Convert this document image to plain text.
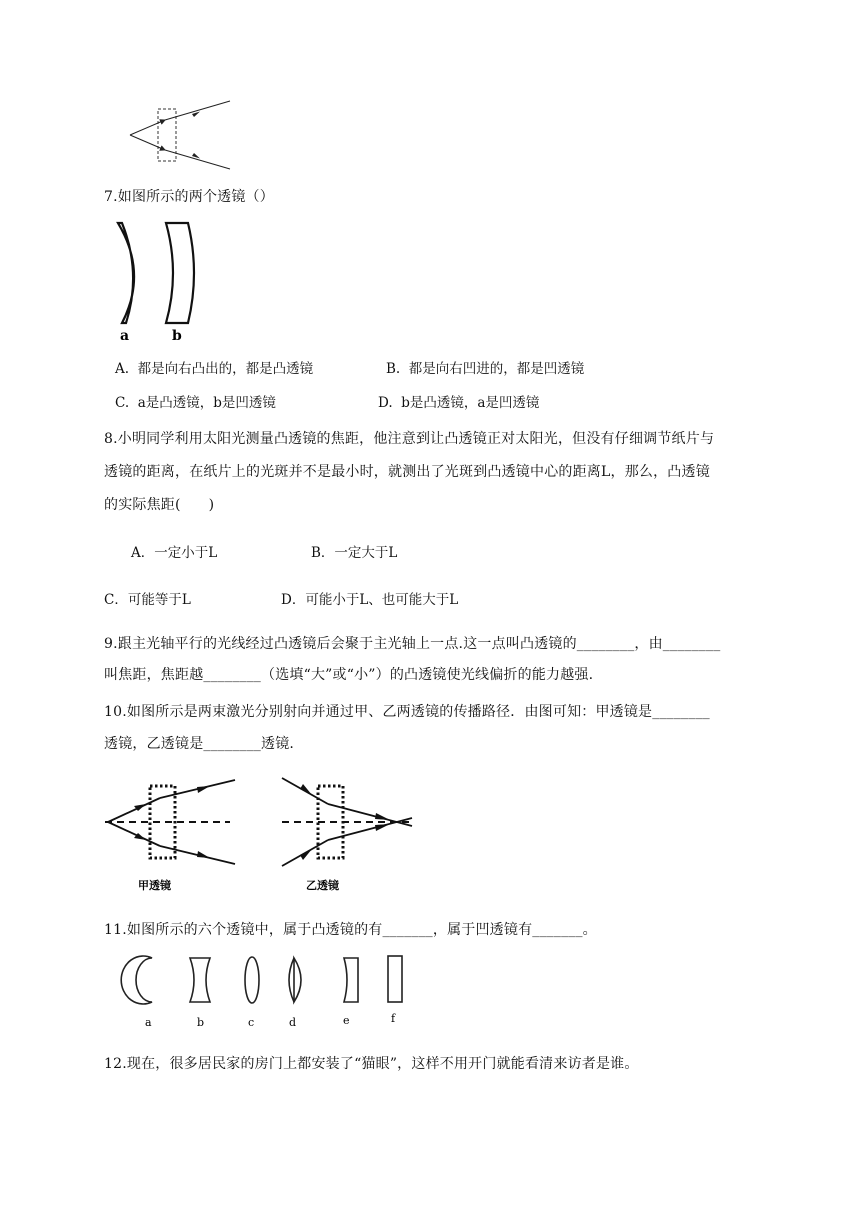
7.如图所示的两个透镜（）
a	b
A.  都是向右凸出的，都是凸透镜	B.  都是向右凹进的，都是凹透镜
C.  a是凸透镜，b是凹透镜	D.  b是凸透镜，a是凹透镜
8.小明同学利用太阳光测量凸透镜的焦距，他注意到让凸透镜正对太阳光，但没有仔细调节纸片与
透镜的距离，在纸片上的光斑并不是最小时，就测出了光斑到凸透镜中心的距离L，那么，凸透镜
的实际焦距(      )
A．一定小于L	B．一定大于L
C．可能等于L	D．可能小于L、也可能大于L
9.跟主光轴平行的光线经过凸透镜后会聚于主光轴上一点.这一点叫凸透镜的________，由________
叫焦距，焦距越________（选填“大”或“小”）的凸透镜使光线偏折的能力越强.
10.如图所示是两束激光分别射向并通过甲、乙两透镜的传播路径．由图可知：甲透镜是________
透镜，乙透镜是________透镜.
甲透镜	乙透镜
11.如图所示的六个透镜中，属于凸透镜的有_______，属于凹透镜有_______。
a	b	c	d	e	f
12.现在，很多居民家的房门上都安装了“猫眼”，这样不用开门就能看清来访者是谁。
